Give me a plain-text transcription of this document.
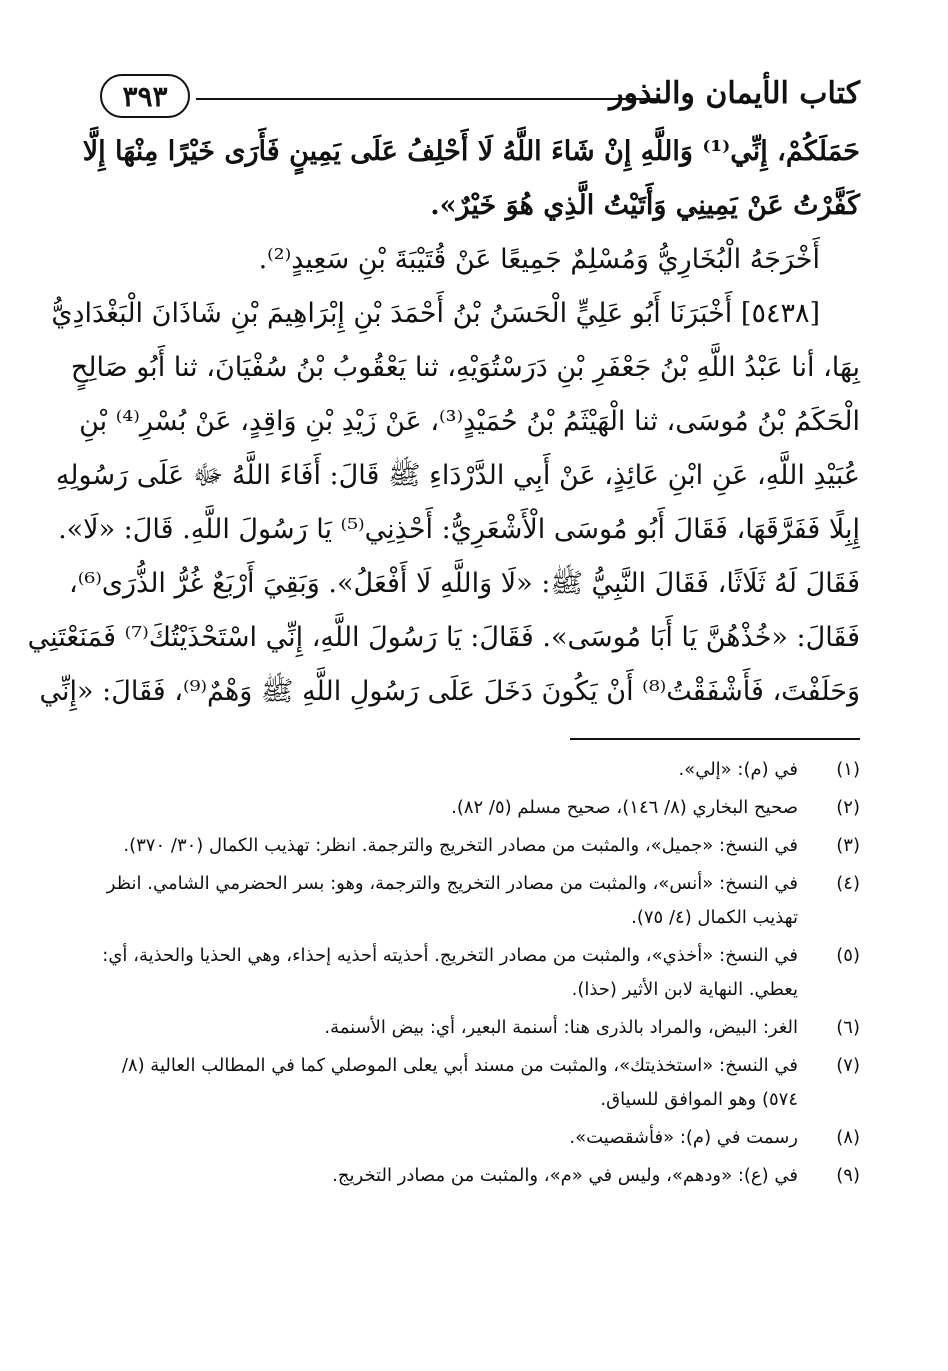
كتاب الأيمان والنذور
٣٩٣
حَمَلَكُمْ، إِنِّي⁽¹⁾ وَاللَّهِ إِنْ شَاءَ اللَّهُ لَا أَحْلِفُ عَلَى يَمِينٍ فَأَرَى خَيْرًا مِنْهَا إِلَّا
كَفَّرْتُ عَنْ يَمِينِي وَأَتَيْتُ الَّذِي هُوَ خَيْرٌ».
أَخْرَجَهُ الْبُخَارِيُّ وَمُسْلِمٌ جَمِيعًا عَنْ قُتَيْبَةَ بْنِ سَعِيدٍ⁽²⁾.
[٥٤٣٨] أَخْبَرَنَا أَبُو عَلِيٍّ الْحَسَنُ بْنُ أَحْمَدَ بْنِ إِبْرَاهِيمَ بْنِ شَاذَانَ الْبَغْدَادِيُّ
بِهَا، أنا عَبْدُ اللَّهِ بْنُ جَعْفَرِ بْنِ دَرَسْتُوَيْهِ، ثنا يَعْقُوبُ بْنُ سُفْيَانَ، ثنا أَبُو صَالِحٍ
الْحَكَمُ بْنُ مُوسَى، ثنا الْهَيْثَمُ بْنُ حُمَيْدٍ⁽³⁾، عَنْ زَيْدِ بْنِ وَاقِدٍ، عَنْ بُسْرِ⁽⁴⁾ بْنِ
عُبَيْدِ اللَّهِ، عَنِ ابْنِ عَائِذٍ، عَنْ أَبِي الدَّرْدَاءِ ﷺ قَالَ: أَفَاءَ اللَّهُ ﷻ عَلَى رَسُولِهِ
إِبِلًا فَفَرَّقَهَا، فَقَالَ أَبُو مُوسَى الْأَشْعَرِيُّ: أَحْذِنِي⁽⁵⁾ يَا رَسُولَ اللَّهِ. قَالَ: «لَا».
فَقَالَ لَهُ ثَلَاثًا، فَقَالَ النَّبِيُّ ﷺ: «لَا وَاللَّهِ لَا أَفْعَلُ». وَبَقِيَ أَرْبَعٌ غُرُّ الذُّرَى⁽⁶⁾،
فَقَالَ: «خُذْهُنَّ يَا أَبَا مُوسَى». فَقَالَ: يَا رَسُولَ اللَّهِ، إِنِّي اسْتَحْذَيْتُكَ⁽⁷⁾ فَمَنَعْتَنِي
وَحَلَفْتَ، فَأَشْفَقْتُ⁽⁸⁾ أَنْ يَكُونَ دَخَلَ عَلَى رَسُولِ اللَّهِ ﷺ وَهْمٌ⁽⁹⁾، فَقَالَ: «إِنِّي
(١)
في (م): «إلي».
(٢)
صحيح البخاري (٨/ ١٤٦)، صحيح مسلم (٥/ ٨٢).
(٣)
في النسخ: «جميل»، والمثبت من مصادر التخريج والترجمة. انظر: تهذيب الكمال (٣٠/ ٣٧٠).
(٤)
في النسخ: «أنس»، والمثبت من مصادر التخريج والترجمة، وهو: بسر الحضرمي الشامي. انظر تهذيب الكمال (٤/ ٧٥).
(٥)
في النسخ: «أخذي»، والمثبت من مصادر التخريج. أحذيته أحذيه إحذاء، وهي الحذيا والحذية، أي: يعطي. النهاية لابن الأثير (حذا).
(٦)
الغر: البيض، والمراد بالذرى هنا: أسنمة البعير، أي: بيض الأسنمة.
(٧)
في النسخ: «استخذيتك»، والمثبت من مسند أبي يعلى الموصلي كما في المطالب العالية (٨/ ٥٧٤) وهو الموافق للسياق.
(٨)
رسمت في (م): «فأشقصيت».
(٩)
في (ع): «ودهم»، وليس في «م»، والمثبت من مصادر التخريج.
